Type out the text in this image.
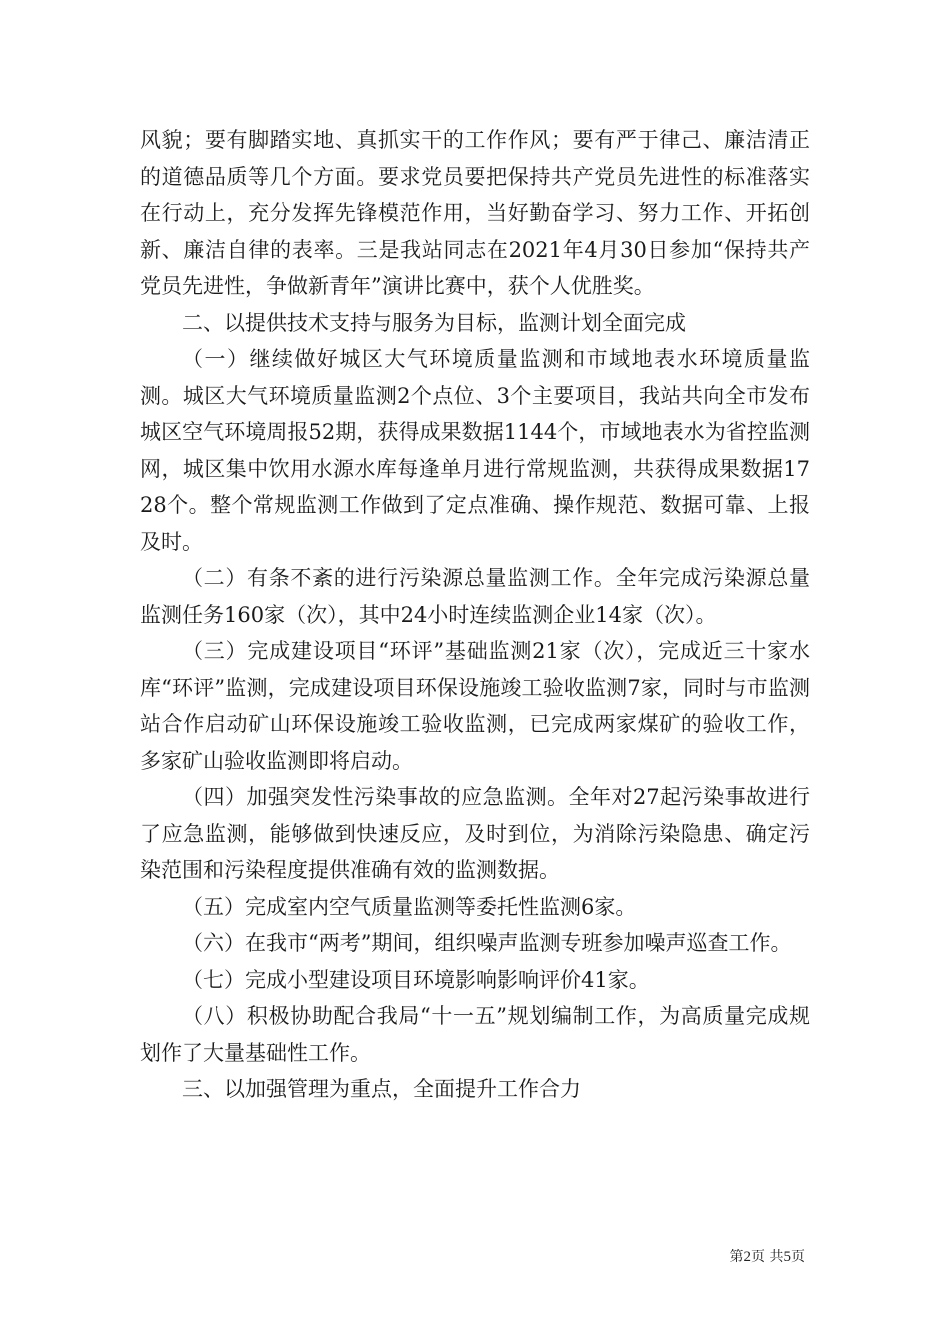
风貌；要有脚踏实地、真抓实干的工作作风；要有严于律己、廉洁清正的道德品质等几个方面。要求党员要把保持共产党员先进性的标准落实在行动上，充分发挥先锋模范作用，当好勤奋学习、努力工作、开拓创新、廉洁自律的表率。三是我站同志在2021年4月30日参加“保持共产党员先进性，争做新青年”演讲比赛中，获个人优胜奖。

二、以提供技术支持与服务为目标，监测计划全面完成

（一）继续做好城区大气环境质量监测和市域地表水环境质量监测。城区大气环境质量监测2个点位、3个主要项目，我站共向全市发布城区空气环境周报52期，获得成果数据1144个，市域地表水为省控监测网，城区集中饮用水源水库每逢单月进行常规监测，共获得成果数据1728个。整个常规监测工作做到了定点准确、操作规范、数据可靠、上报及时。

（二）有条不紊的进行污染源总量监测工作。全年完成污染源总量监测任务160家（次），其中24小时连续监测企业14家（次）。

（三）完成建设项目“环评”基础监测21家（次），完成近三十家水库“环评”监测，完成建设项目环保设施竣工验收监测7家，同时与市监测站合作启动矿山环保设施竣工验收监测，已完成两家煤矿的验收工作，多家矿山验收监测即将启动。

（四）加强突发性污染事故的应急监测。全年对27起污染事故进行了应急监测，能够做到快速反应，及时到位，为消除污染隐患、确定污染范围和污染程度提供准确有效的监测数据。

（五）完成室内空气质量监测等委托性监测6家。

（六）在我市“两考”期间，组织噪声监测专班参加噪声巡查工作。

（七）完成小型建设项目环境影响影响评价41家。

（八）积极协助配合我局“十一五”规划编制工作，为高质量完成规划作了大量基础性工作。

三、以加强管理为重点，全面提升工作合力

第2页 共5页
